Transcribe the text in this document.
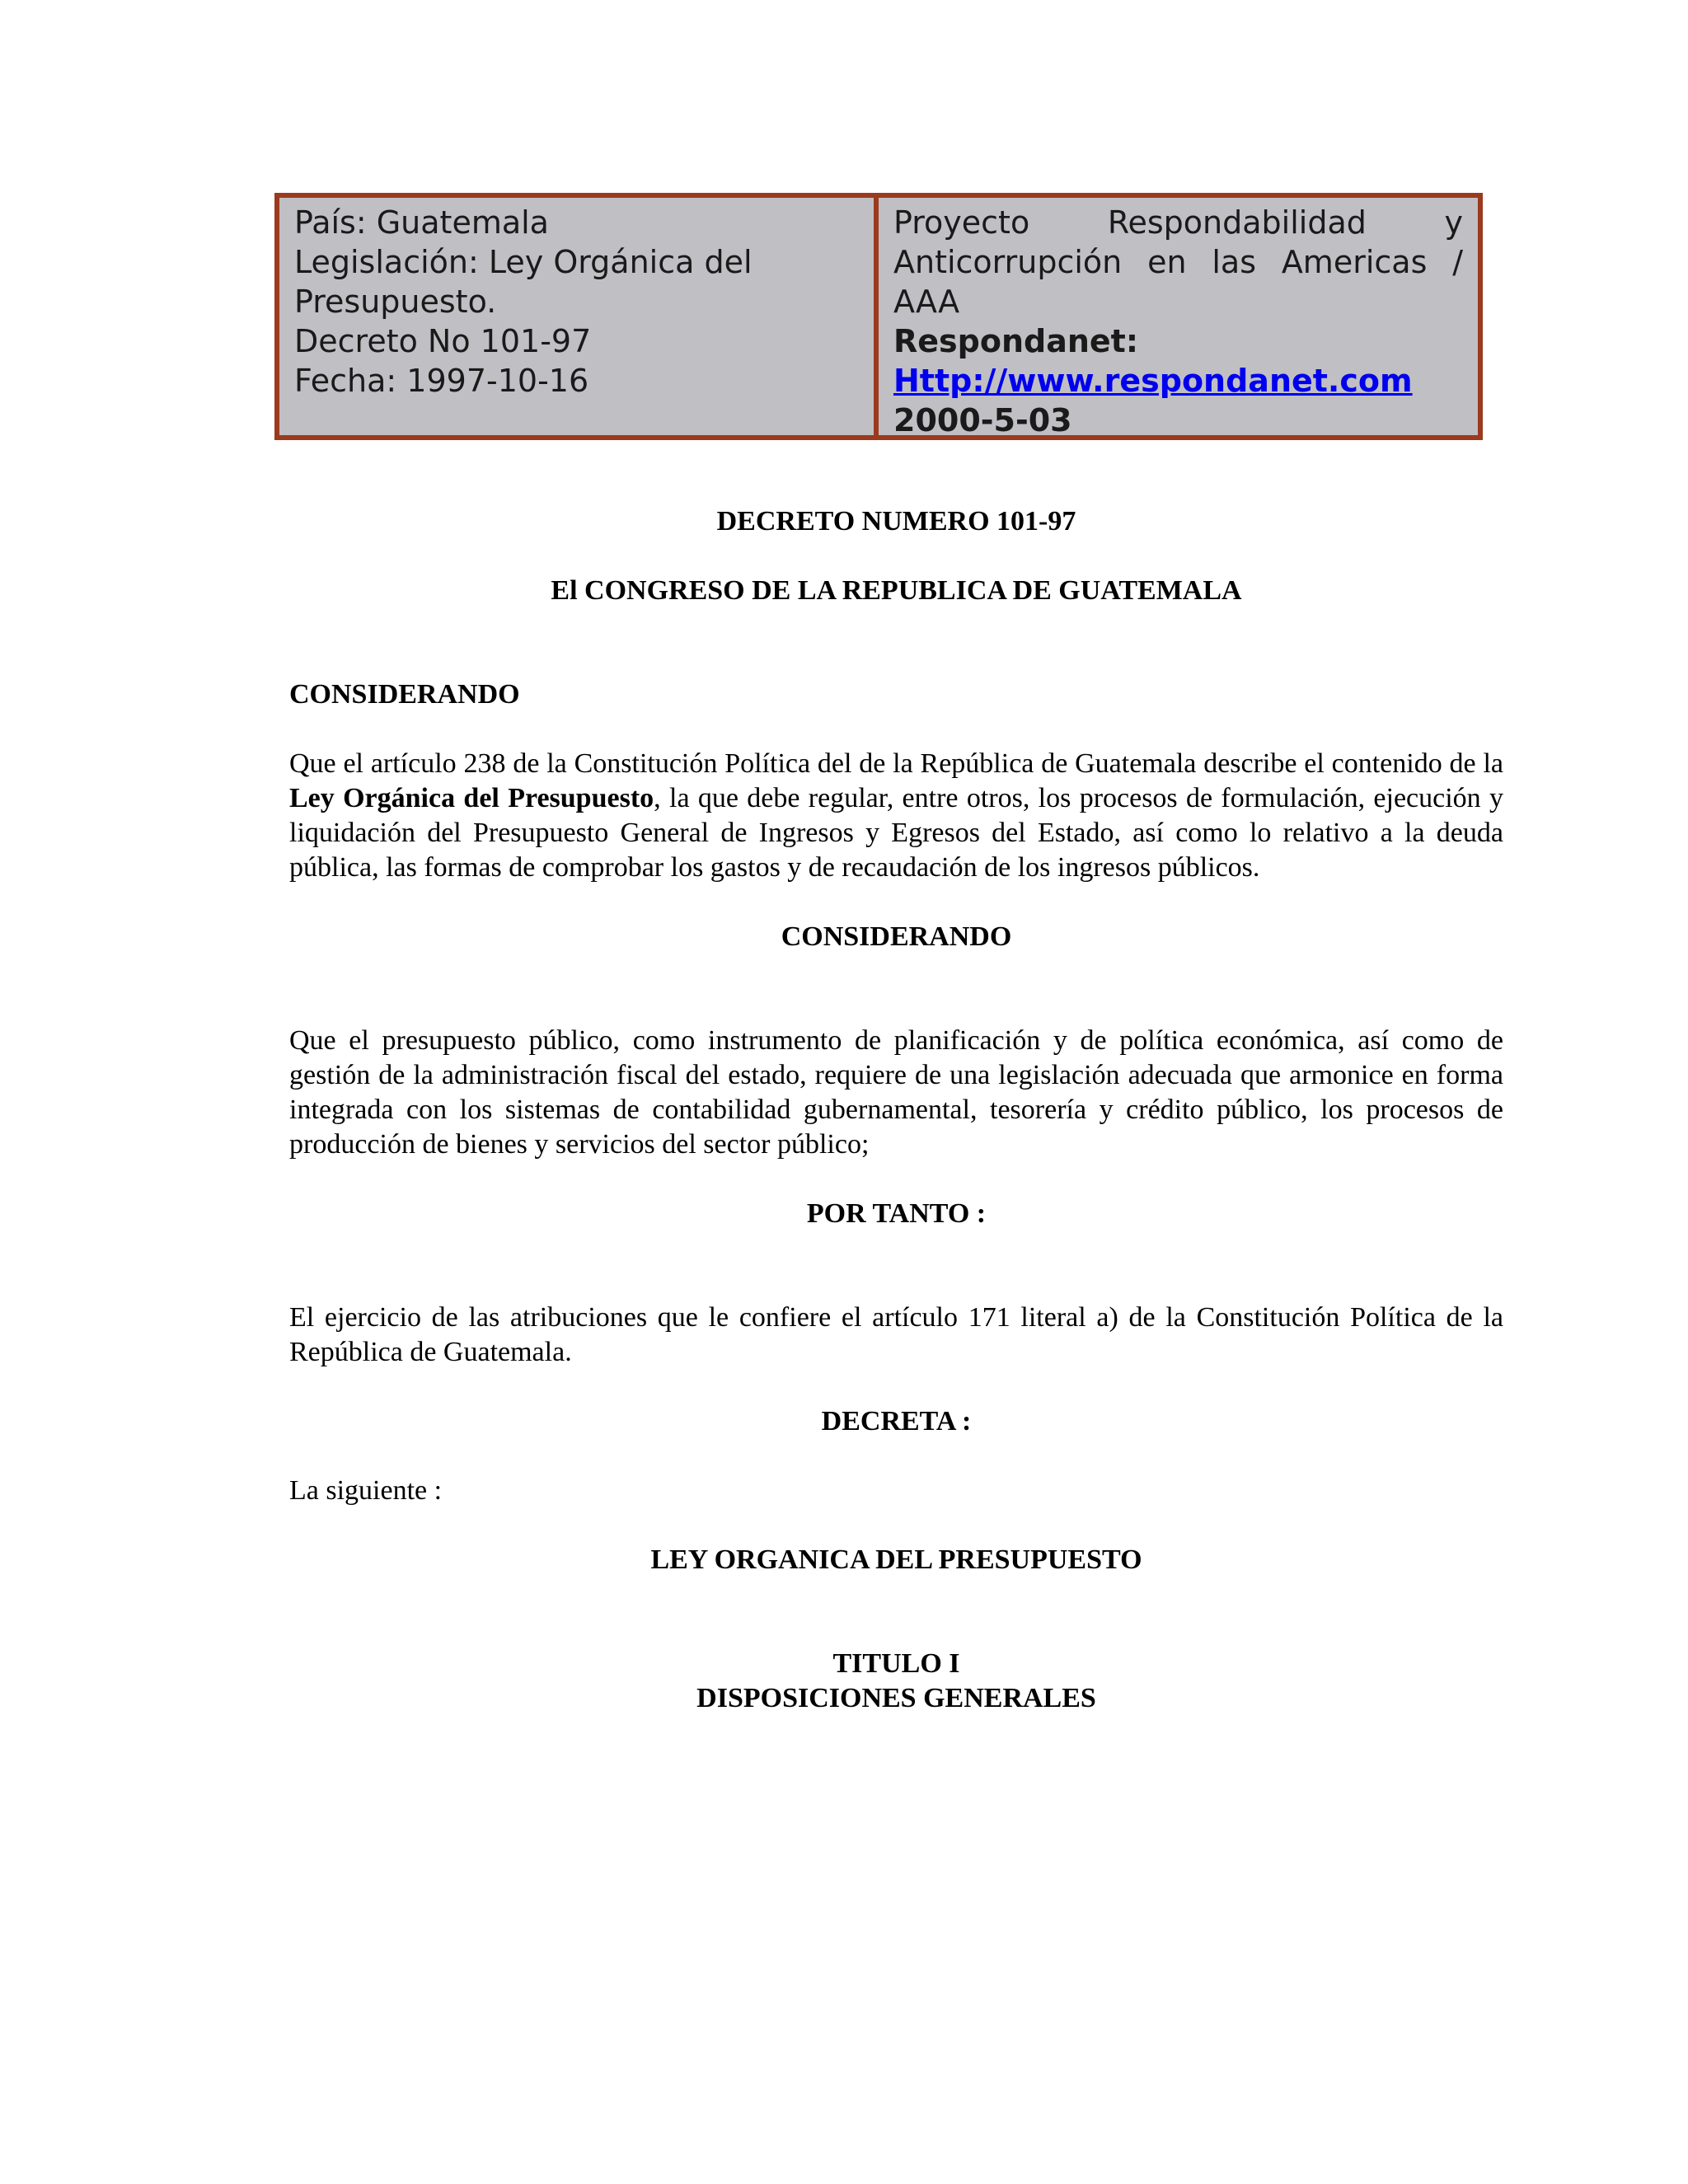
País: Guatemala
Legislación: Ley Orgánica del
Presupuesto.
Decreto No 101-97
Fecha: 1997-10-16
Proyecto Respondabilidad y
Anticorrupción en las Americas /
AAA
Respondanet:
Http://www.respondanet.com
2000-5-03

DECRETO NUMERO 101-97

El CONGRESO DE LA REPUBLICA DE GUATEMALA

CONSIDERANDO

Que el artículo 238 de la Constitución Política del de la República de Guatemala describe el contenido de la Ley Orgánica del Presupuesto, la que debe regular, entre otros, los procesos de formulación, ejecución y liquidación del Presupuesto General de Ingresos y Egresos del Estado, así como lo relativo a la deuda pública, las formas de comprobar los gastos y de recaudación de los ingresos públicos.

CONSIDERANDO

Que el presupuesto público, como instrumento de planificación y de política económica, así como de gestión de la administración fiscal del estado, requiere de una legislación adecuada que armonice en forma integrada con los sistemas de contabilidad gubernamental, tesorería y crédito público, los procesos de producción de bienes y servicios del sector público;

POR TANTO :

El ejercicio de las atribuciones que le confiere el artículo 171 literal a) de la Constitución Política de la República de Guatemala.

DECRETA :

La siguiente :

LEY ORGANICA DEL PRESUPUESTO

TITULO I

DISPOSICIONES GENERALES
